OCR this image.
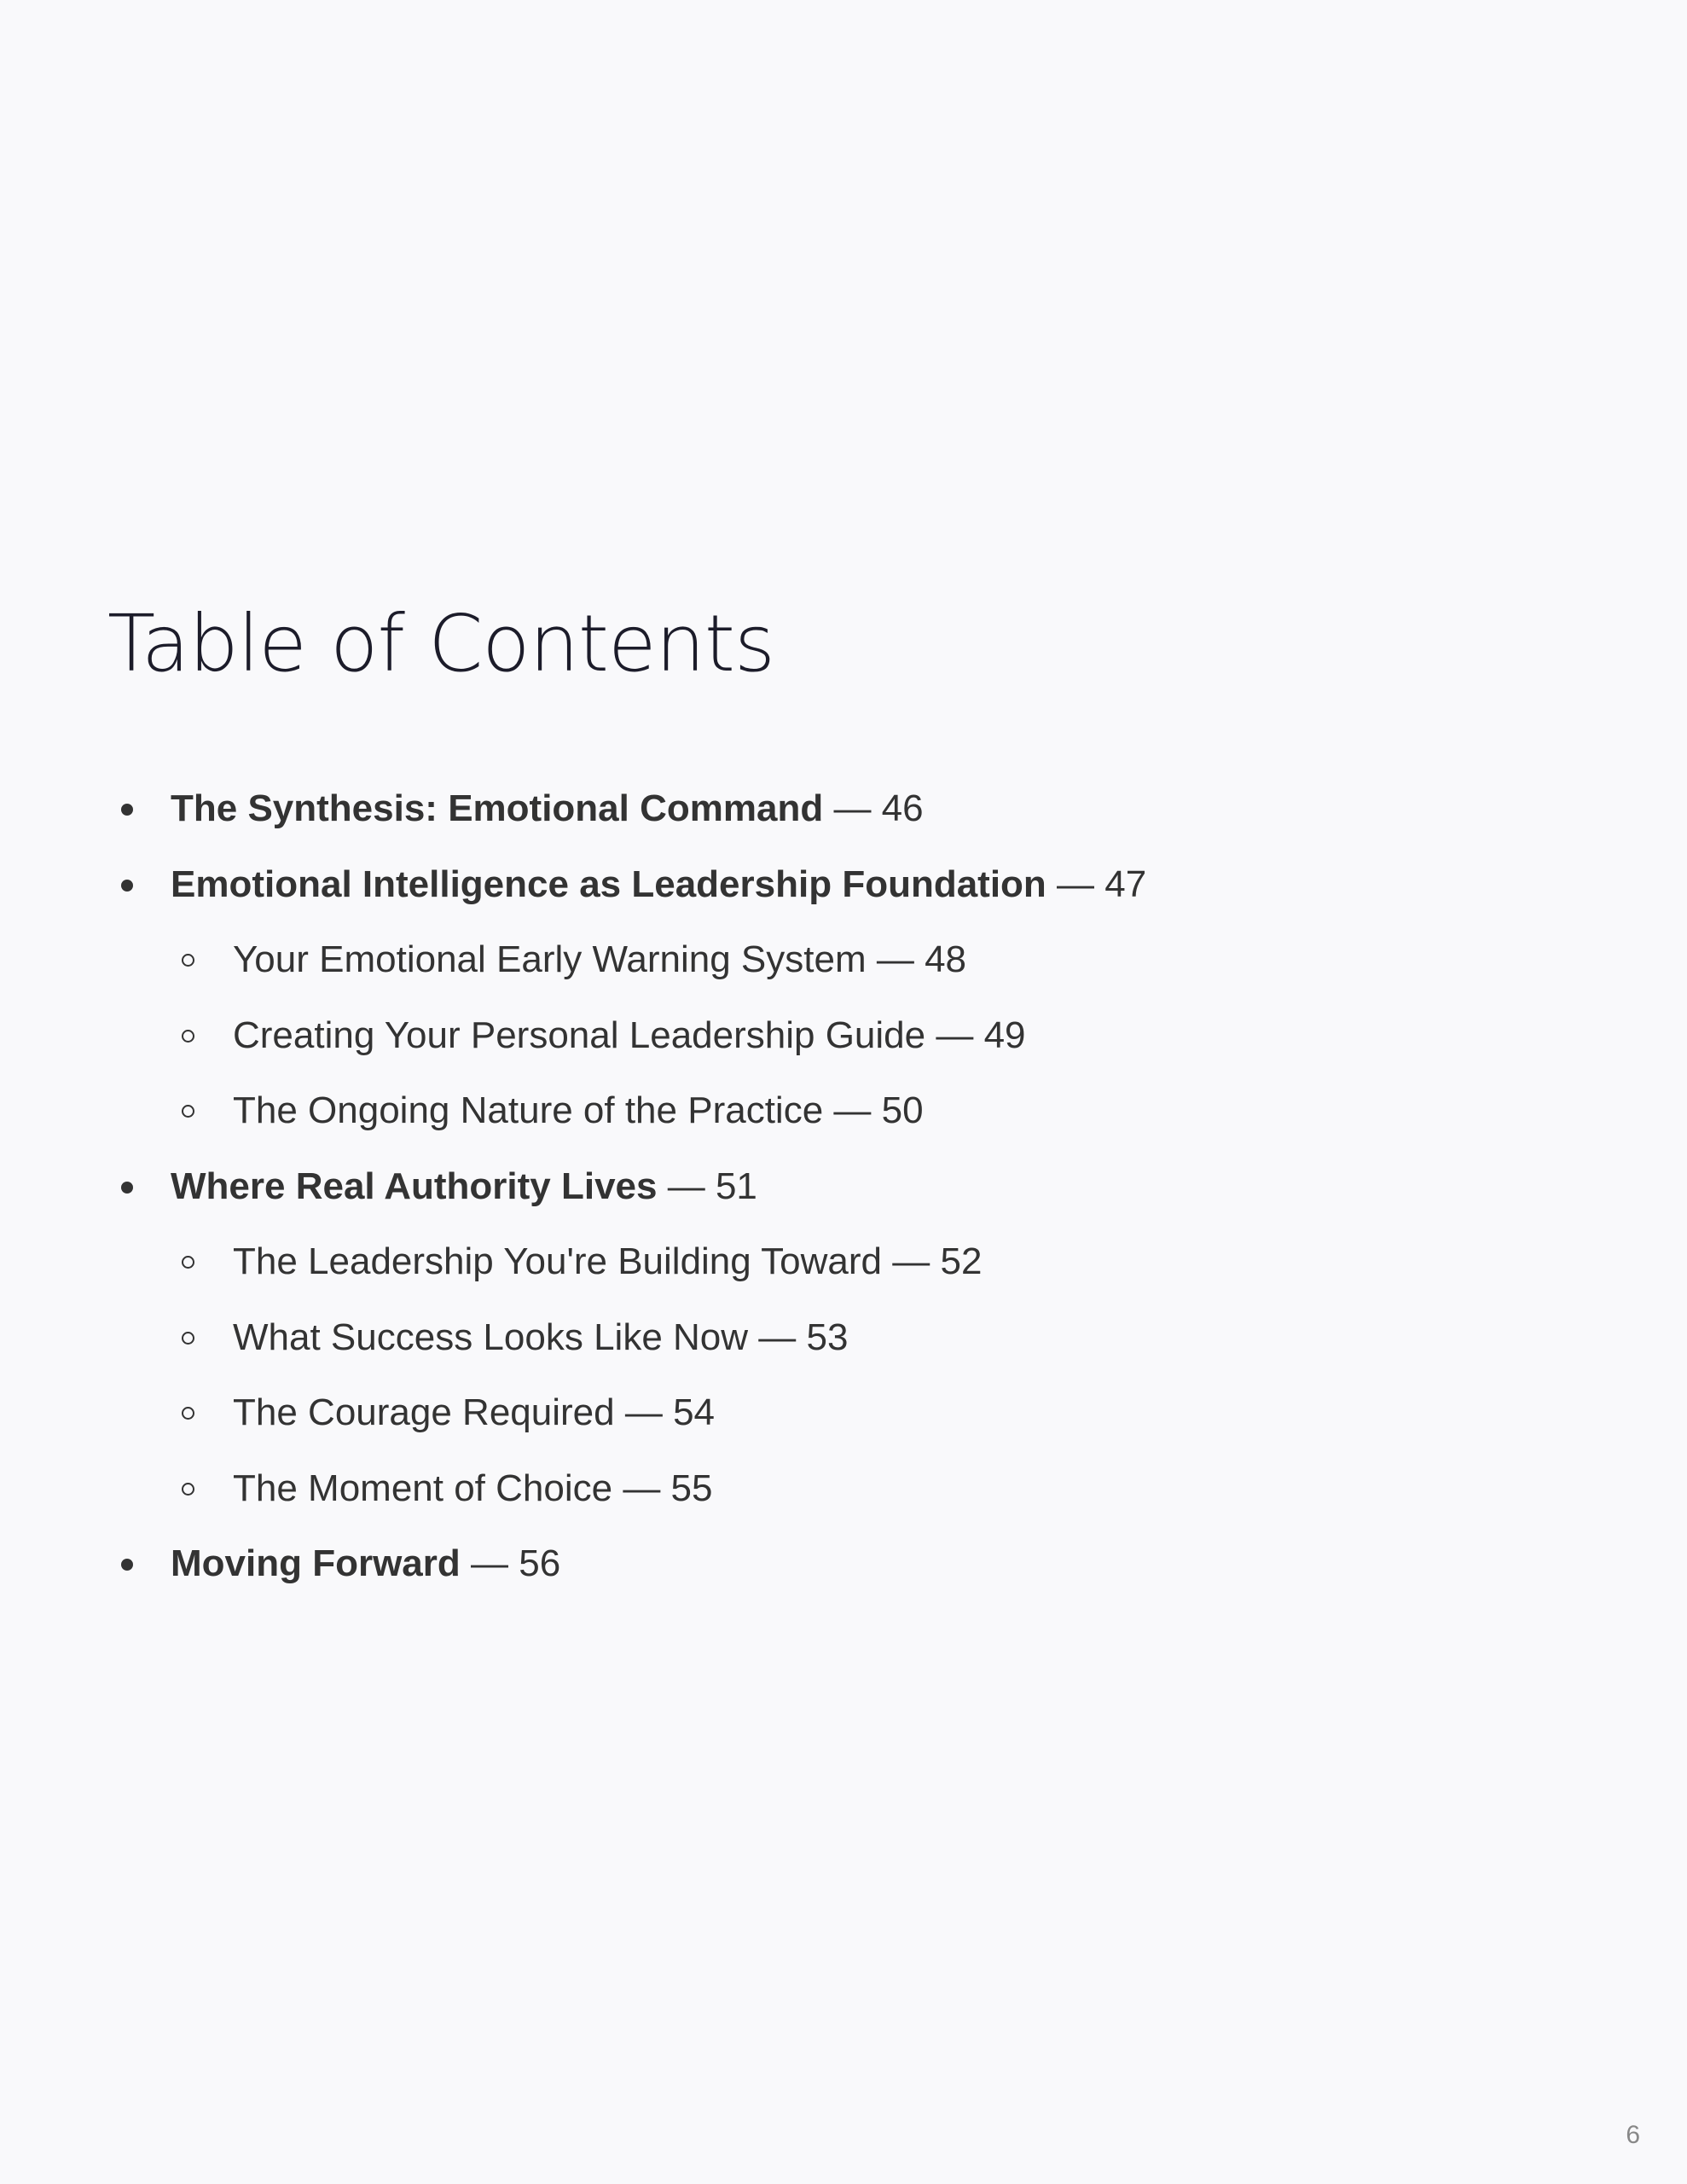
Table of Contents
The Synthesis: Emotional Command — 46
Emotional Intelligence as Leadership Foundation — 47
Your Emotional Early Warning System — 48
Creating Your Personal Leadership Guide — 49
The Ongoing Nature of the Practice — 50
Where Real Authority Lives — 51
The Leadership You're Building Toward — 52
What Success Looks Like Now — 53
The Courage Required — 54
The Moment of Choice — 55
Moving Forward — 56
6
